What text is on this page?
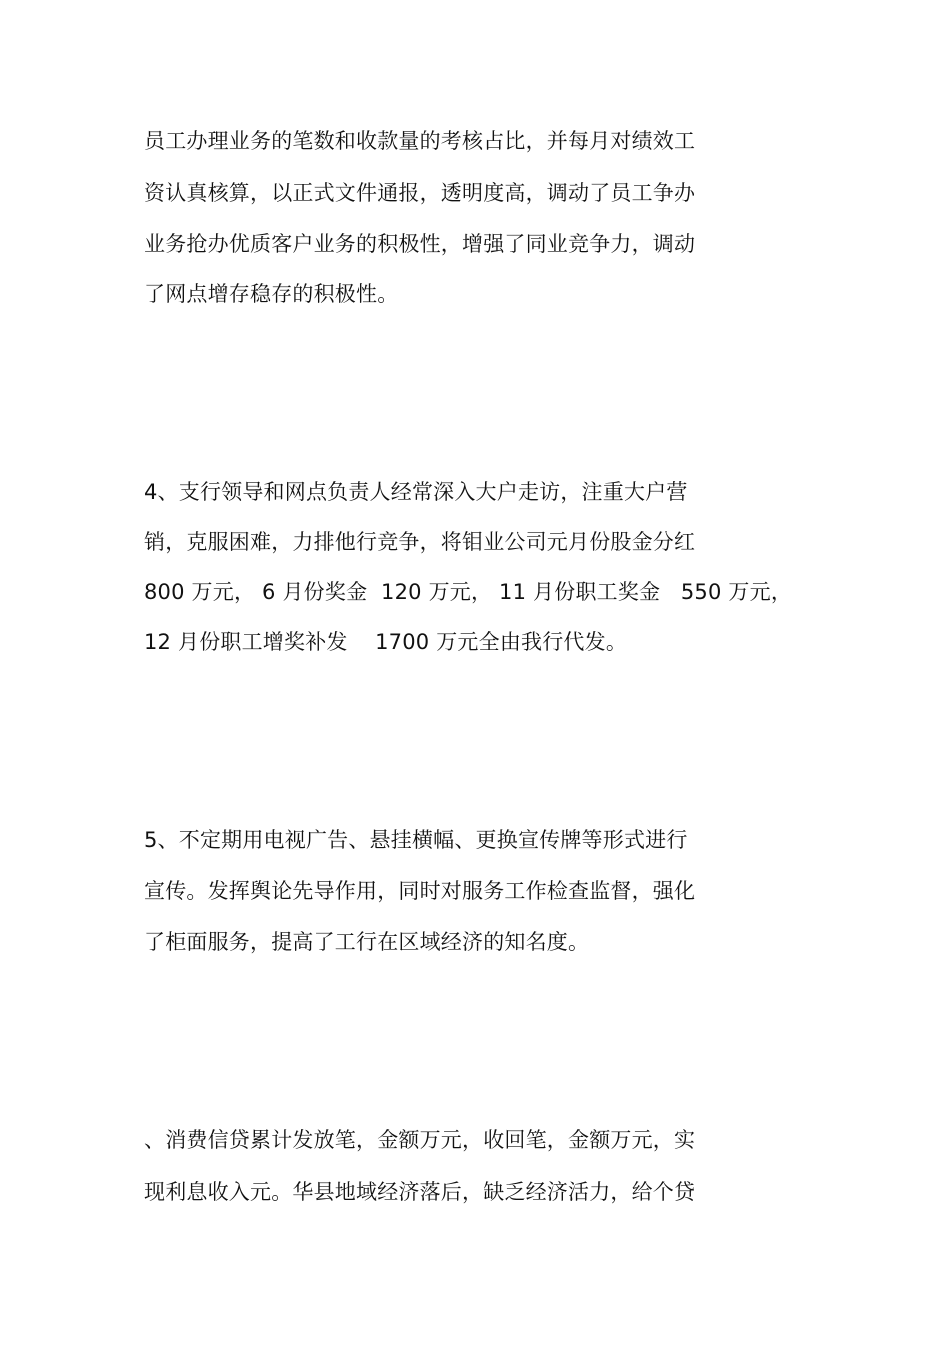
员工办理业务的笔数和收款量的考核占比，并每月对绩效工
资认真核算，以正式文件通报，透明度高，调动了员工争办
业务抢办优质客户业务的积极性，增强了同业竞争力，调动
了网点增存稳存的积极性。
4、支行领导和网点负责人经常深入大户走访，注重大户营
销，克服困难，力排他行竞争，将钼业公司元月份股金分红
800 万元， 6 月份奖金  120 万元， 11 月份职工奖金   550 万元，
12 月份职工增奖补发    1700 万元全由我行代发。
5、不定期用电视广告、悬挂横幅、更换宣传牌等形式进行
宣传。发挥舆论先导作用，同时对服务工作检查监督，强化
了柜面服务，提高了工行在区域经济的知名度。
、消费信贷累计发放笔，金额万元，收回笔，金额万元，实
现利息收入元。华县地域经济落后，缺乏经济活力，给个贷
